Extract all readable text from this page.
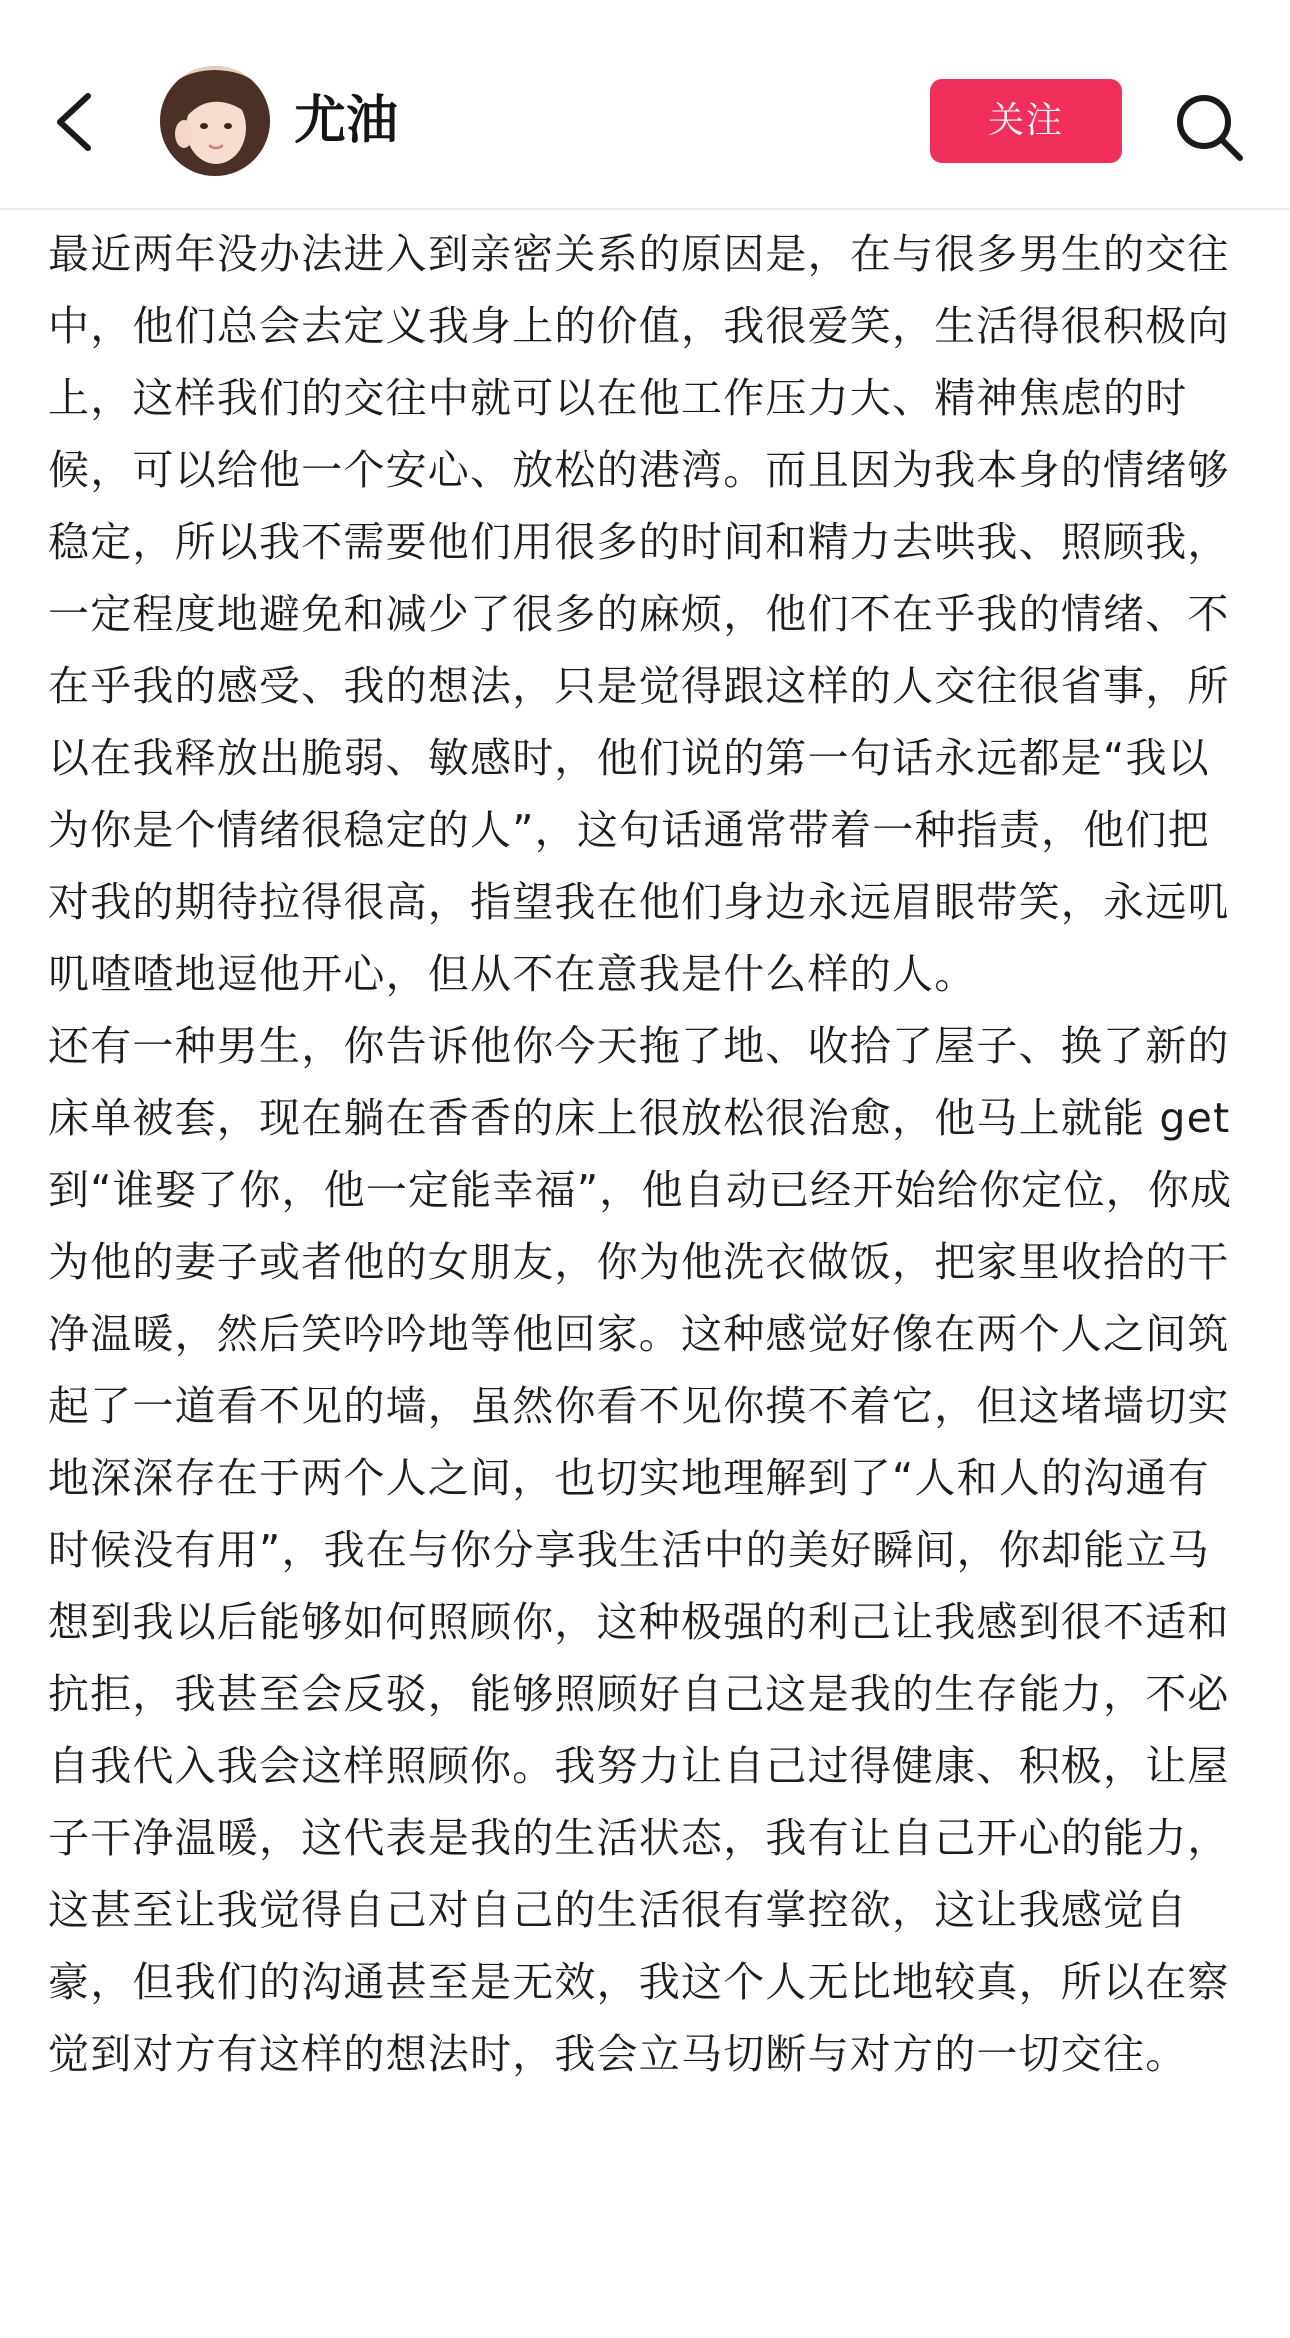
尤油	关注

最近两年没办法进入到亲密关系的原因是，在与很多男生的交往中，他们总会去定义我身上的价值，我很爱笑，生活得很积极向上，这样我们的交往中就可以在他工作压力大、精神焦虑的时候，可以给他一个安心、放松的港湾。而且因为我本身的情绪够稳定，所以我不需要他们用很多的时间和精力去哄我、照顾我，一定程度地避免和减少了很多的麻烦，他们不在乎我的情绪、不在乎我的感受、我的想法，只是觉得跟这样的人交往很省事，所以在我释放出脆弱、敏感时，他们说的第一句话永远都是“我以为你是个情绪很稳定的人”，这句话通常带着一种指责，他们把对我的期待拉得很高，指望我在他们身边永远眉眼带笑，永远叽叽喳喳地逗他开心，但从不在意我是什么样的人。

还有一种男生，你告诉他你今天拖了地、收拾了屋子、换了新的床单被套，现在躺在香香的床上很放松很治愈，他马上就能 get 到“谁娶了你，他一定能幸福”，他自动已经开始给你定位，你成为他的妻子或者他的女朋友，你为他洗衣做饭，把家里收拾的干净温暖，然后笑吟吟地等他回家。这种感觉好像在两个人之间筑起了一道看不见的墙，虽然你看不见你摸不着它，但这堵墙切实地深深存在于两个人之间，也切实地理解到了“人和人的沟通有时候没有用”，我在与你分享我生活中的美好瞬间，你却能立马想到我以后能够如何照顾你，这种极强的利己让我感到很不适和抗拒，我甚至会反驳，能够照顾好自己这是我的生存能力，不必自我代入我会这样照顾你。我努力让自己过得健康、积极，让屋子干净温暖，这代表是我的生活状态，我有让自己开心的能力，这甚至让我觉得自己对自己的生活很有掌控欲，这让我感觉自豪，但我们的沟通甚至是无效，我这个人无比地较真，所以在察觉到对方有这样的想法时，我会立马切断与对方的一切交往。
